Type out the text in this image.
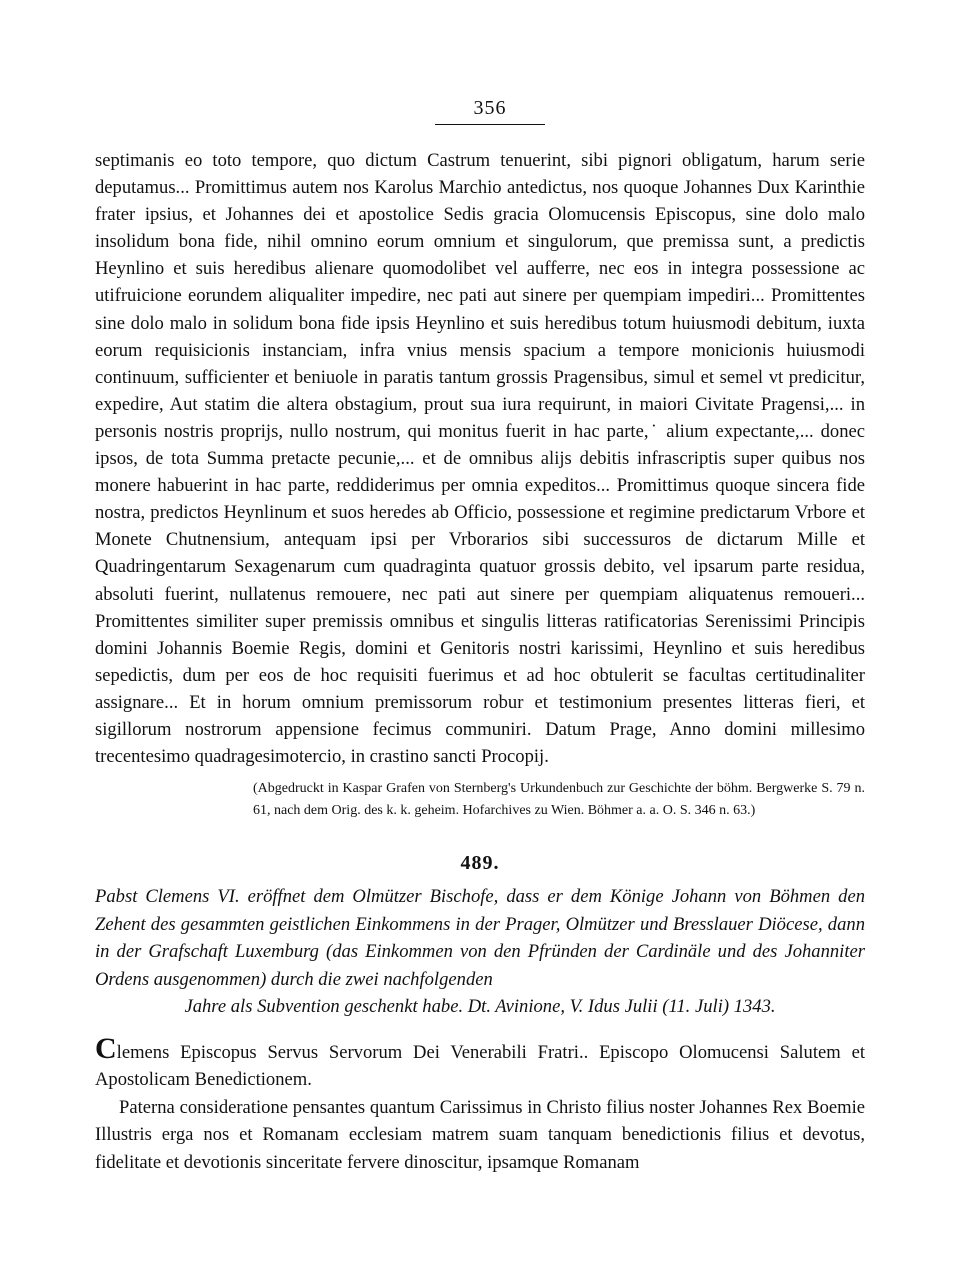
356

septimanis eo toto tempore, quo dictum Castrum tenuerint, sibi pignori obligatum, harum serie deputamus... Promittimus autem nos Karolus Marchio antedictus, nos quoque Johannes Dux Karinthie frater ipsius, et Johannes dei et apostolice Sedis gracia Olomucensis Episcopus, sine dolo malo insolidum bona fide, nihil omnino eorum omnium et singulorum, que premissa sunt, a predictis Heynlino et suis heredibus alienare quomodolibet vel aufferre, nec eos in integra possessione ac utifruicione eorundem aliqualiter impedire, nec pati aut sinere per quempiam impediri... Promittentes sine dolo malo in solidum bona fide ipsis Heynlino et suis heredibus totum huiusmodi debitum, iuxta eorum requisicionis instanciam, infra vnius mensis spacium a tempore monicionis huiusmodi continuum, sufficienter et beniuole in paratis tantum grossis Pragensibus, simul et semel vt predicitur, expedire, Aut statim die altera obstagium, prout sua iura requirunt, in maiori Civitate Pragensi,... in personis nostris proprijs, nullo nostrum, qui monitus fuerit in hac parte,˙ alium expectante,... donec ipsos, de tota Summa pretacte pecunie,... et de omnibus alijs debitis infrascriptis super quibus nos monere habuerint in hac parte, reddiderimus per omnia expeditos... Promittimus quoque sincera fide nostra, predictos Heynlinum et suos heredes ab Officio, possessione et regimine predictarum Vrbore et Monete Chutnensium, antequam ipsi per Vrborarios sibi successuros de dictarum Mille et Quadringentarum Sexagenarum cum quadraginta quatuor grossis debito, vel ipsarum parte residua, absoluti fuerint, nullatenus remouere, nec pati aut sinere per quempiam aliquatenus remoueri... Promittentes similiter super premissis omnibus et singulis litteras ratificatorias Serenissimi Principis domini Johannis Boemie Regis, domini et Genitoris nostri karissimi, Heynlino et suis heredibus sepedictis, dum per eos de hoc requisiti fuerimus et ad hoc obtulerit se facultas certitudinaliter assignare... Et in horum omnium premissorum robur et testimonium presentes litteras fieri, et sigillorum nostrorum appensione fecimus communiri. Datum Prage, Anno domini millesimo trecentesimo quadragesimotercio, in crastino sancti Procopij.

(Abgedruckt in Kaspar Grafen von Sternberg's Urkundenbuch zur Geschichte der böhm. Bergwerke S. 79 n. 61, nach dem Orig. des k. k. geheim. Hofarchives zu Wien. Böhmer a. a. O. S. 346 n. 63.)
489.
Pabst Clemens VI. eröffnet dem Olmützer Bischofe, dass er dem Könige Johann von Böhmen den Zehent des gesammten geistlichen Einkommens in der Prager, Olmützer und Bresslauer Diöcese, dann in der Grafschaft Luxemburg (das Einkommen von den Pfründen der Cardinäle und des Johanniter Ordens ausgenommen) durch die zwei nachfolgenden
Jahre als Subvention geschenkt habe. Dt. Avinione, V. Idus Julii (11. Juli) 1343.
Clemens Episcopus Servus Servorum Dei Venerabili Fratri.. Episcopo Olomucensi Salutem et Apostolicam Benedictionem.
Paterna consideratione pensantes quantum Carissimus in Christo filius noster Johannes Rex Boemie Illustris erga nos et Romanam ecclesiam matrem suam tanquam benedictionis filius et devotus, fidelitate et devotionis sinceritate fervere dinoscitur, ipsamque Romanam
